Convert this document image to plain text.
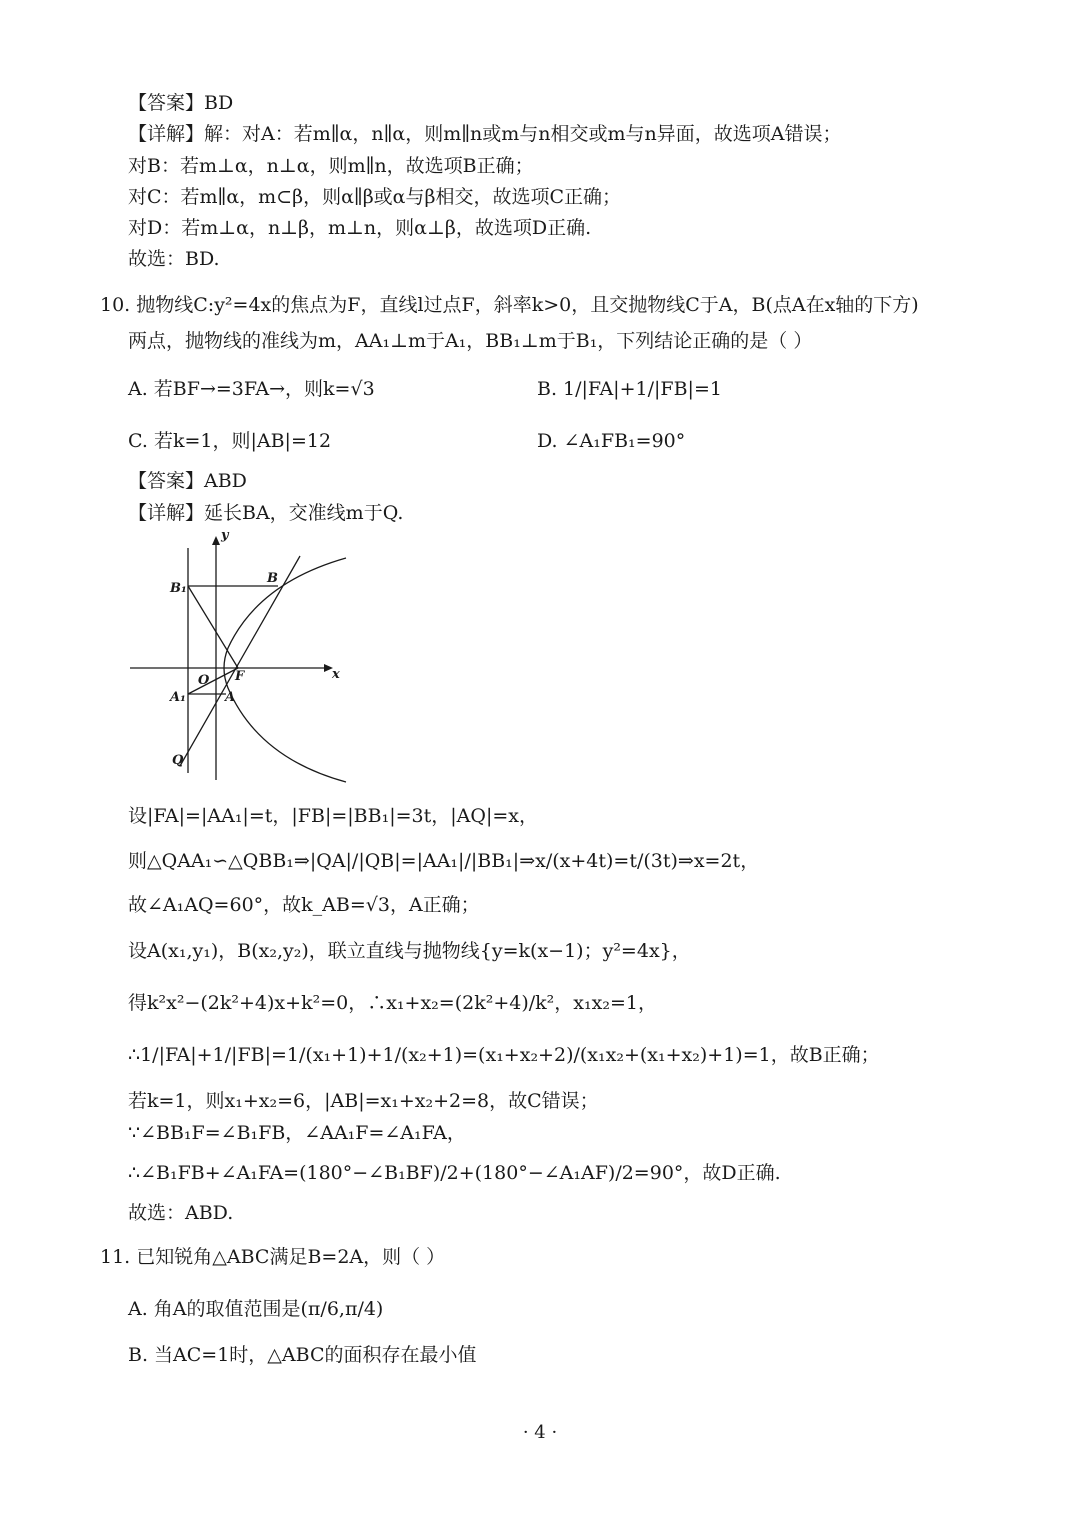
【答案】BD
【详解】解：对A：若m∥α，n∥α，则m∥n或m与n相交或m与n异面，故选项A错误；
对B：若m⊥α，n⊥α，则m∥n，故选项B正确；
对C：若m∥α，m⊂β，则α∥β或α与β相交，故选项C正确；
对D：若m⊥α，n⊥β，m⊥n，则α⊥β，故选项D正确.
故选：BD.
10. 抛物线C:y²=4x的焦点为F，直线l过点F，斜率k>0，且交抛物线C于A，B(点A在x轴的下方)
两点，抛物线的准线为m，AA₁⊥m于A₁，BB₁⊥m于B₁，下列结论正确的是（ ）
A. 若BF→=3FA→，则k=√3	B. 1/|FA|+1/|FB|=1
C. 若k=1，则|AB|=12	D. ∠A₁FB₁=90°
【答案】ABD
【详解】延长BA，交准线m于Q.
y
x
O F
A
B
A₁
B₁
Q
设|FA|=|AA₁|=t，|FB|=|BB₁|=3t，|AQ|=x，
则△QAA₁∽△QBB₁⇒|QA|/|QB|=|AA₁|/|BB₁|⇒x/(x+4t)=t/(3t)⇒x=2t，
故∠A₁AQ=60°，故k_AB=√3，A正确；
设A(x₁,y₁)，B(x₂,y₂)，联立直线与抛物线{y=k(x−1)；y²=4x}，
得k²x²−(2k²+4)x+k²=0，∴x₁+x₂=(2k²+4)/k²，x₁x₂=1，
∴1/|FA|+1/|FB|=1/(x₁+1)+1/(x₂+1)=(x₁+x₂+2)/(x₁x₂+(x₁+x₂)+1)=1，故B正确；
若k=1，则x₁+x₂=6，|AB|=x₁+x₂+2=8，故C错误；
∵∠BB₁F=∠B₁FB，∠AA₁F=∠A₁FA，
∴∠B₁FB+∠A₁FA=(180°−∠B₁BF)/2+(180°−∠A₁AF)/2=90°，故D正确.
故选：ABD.
11. 已知锐角△ABC满足B=2A，则（ ）
A. 角A的取值范围是(π/6,π/4)
B. 当AC=1时，△ABC的面积存在最小值
· 4 ·
